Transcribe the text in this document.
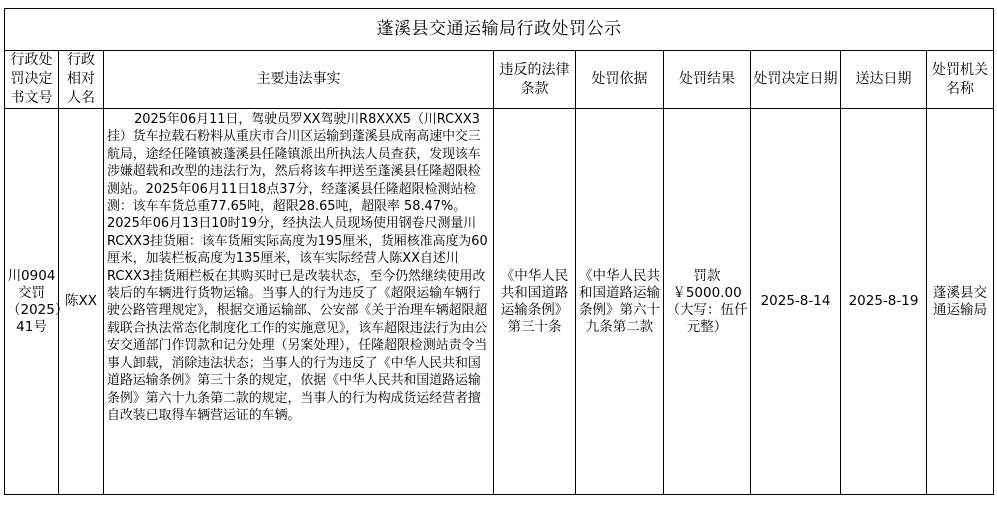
蓬溪县交通运输局行政处罚公示								
行政处罚决定书文号	行政相对人名	主要违法事实	违反的法律条款	处罚依据	处罚结果	处罚决定日期	送达日期	处罚机关名称
川0904交罚（2025）41号	陈XX	2025年06月11日，驾驶员罗XX驾驶川R8XXX5（川RCXX3挂）货车拉载石粉料从重庆市合川区运输到蓬溪县成南高速中交三航局，途经任隆镇被蓬溪县任隆镇派出所执法人员查获，发现该车涉嫌超载和改型的违法行为，然后将该车押送至蓬溪县任隆超限检测站。2025年06月11日18点37分，经蓬溪县任隆超限检测站检测：该车车货总重77.65吨，超限28.65吨，超限率 58.47%。2025年06月13日10时19分，经执法人员现场使用钢卷尺测量川RCXX3挂货厢：该车货厢实际高度为195厘米，货厢核准高度为60厘米，加装栏板高度为135厘米，该车实际经营人陈XX自述川RCXX3挂货厢栏板在其购买时已是改装状态，至今仍然继续使用改装后的车辆进行货物运输。当事人的行为违反了《超限运输车辆行驶公路管理规定》，根据交通运输部、公安部《关于治理车辆超限超载联合执法常态化制度化工作的实施意见》，该车超限违法行为由公安交通部门作罚款和记分处理（另案处理），任隆超限检测站责令当事人卸载，消除违法状态；当事人的行为违反了《中华人民共和国道路运输条例》第三十条的规定，依据《中华人民共和国道路运输条例》第六十九条第二款的规定，当事人的行为构成货运经营者擅自改装已取得车辆营运证的车辆。	《中华人民共和国道路运输条例》第三十条	《中华人民共和国道路运输条例》第六十九条第二款	罚款￥5000.00（大写：伍仟元整）	2025-8-14	2025-8-19	蓬溪县交通运输局
